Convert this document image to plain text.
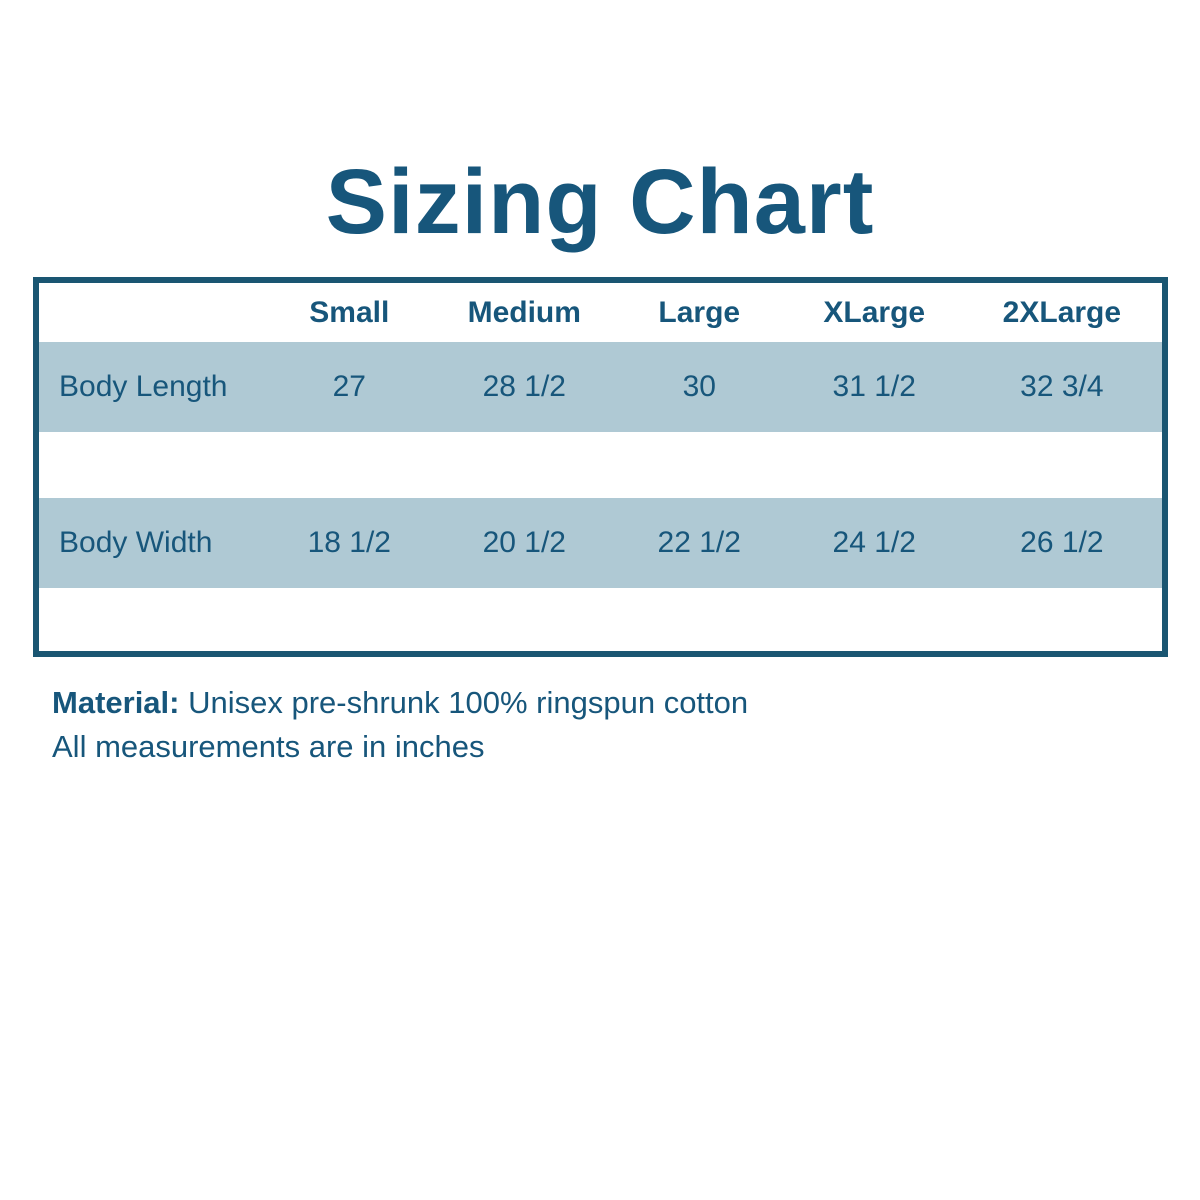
Sizing Chart
	Small	Medium	Large	XLarge	2XLarge
Body Length	27	28 1/2	30	31 1/2	32 3/4

Body Width	18 1/2	20 1/2	22 1/2	24 1/2	26 1/2

Material: Unisex pre-shrunk 100% ringspun cotton
All measurements are in inches
